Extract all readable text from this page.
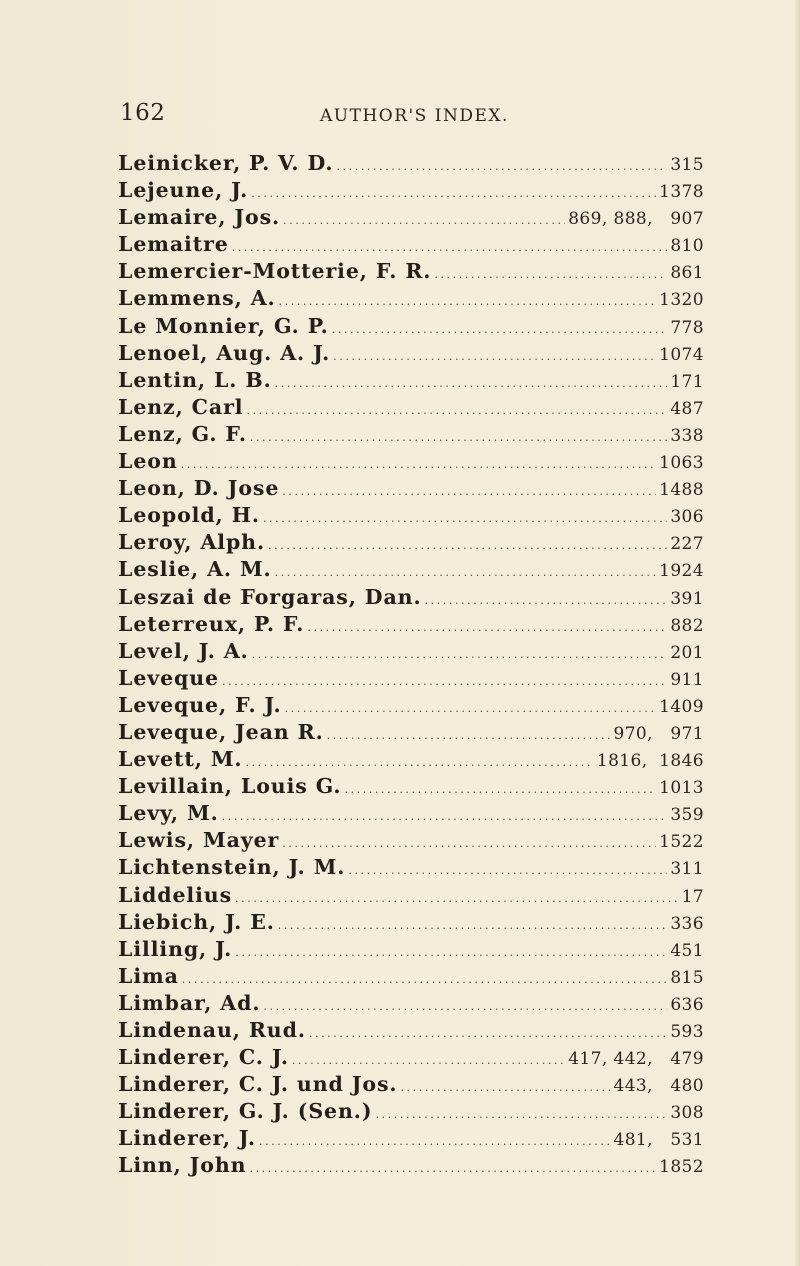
162	AUTHOR'S INDEX.
Leinicker, P. V. D. .....	315
Lejeune, J. .....	1378
Lemaire, Jos. .....	869, 888,   907
Lemaitre .....	810
Lemercier-Motterie, F. R. .....	861
Lemmens, A. .....	1320
Le Monnier, G. P. .....	778
Lenoel, Aug. A. J. .....	1074
Lentin, L. B. .....	171
Lenz, Carl .....	487
Lenz, G. F. .....	338
Leon .....	1063
Leon, D. Jose .....	1488
Leopold, H. .....	306
Leroy, Alph. .....	227
Leslie, A. M. .....	1924
Leszai de Forgaras, Dan. .....	391
Leterreux, P. F. .....	882
Level, J. A. .....	201
Leveque .....	911
Leveque, F. J. .....	1409
Leveque, Jean R. .....	970,   971
Levett, M. .....	1816,  1846
Levillain, Louis G. .....	1013
Levy, M. .....	359
Lewis, Mayer .....	1522
Lichtenstein, J. M. .....	311
Liddelius .....	17
Liebich, J. E. .....	336
Lilling, J. .....	451
Lima .....	815
Limbar, Ad. .....	636
Lindenau, Rud. .....	593
Linderer, C. J. .....	417, 442,   479
Linderer, C. J. und Jos. .....	443,   480
Linderer, G. J. (Sen.) .....	308
Linderer, J. .....	481,   531
Linn, John .....	1852
